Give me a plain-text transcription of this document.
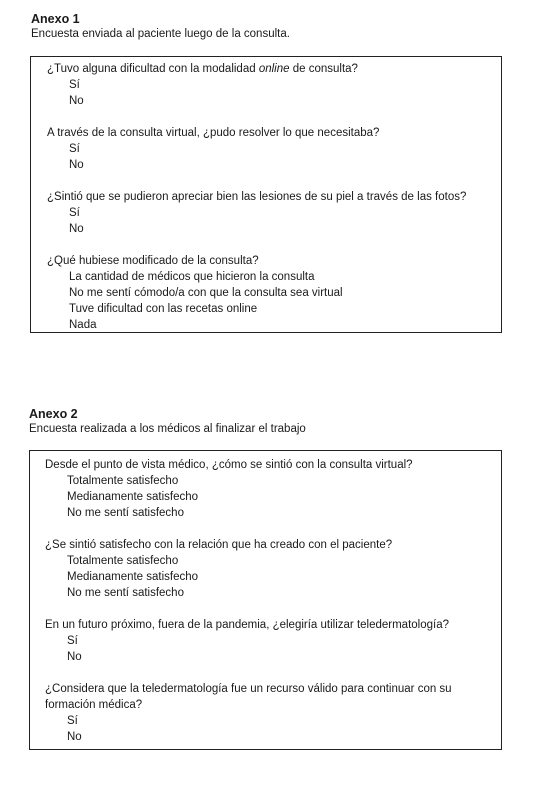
Anexo 1
Encuesta enviada al paciente luego de la consulta.
¿Tuvo alguna dificultad con la modalidad online de consulta?
Sí
No
A través de la consulta virtual, ¿pudo resolver lo que necesitaba?
Sí
No
¿Sintió que se pudieron apreciar bien las lesiones de su piel a través de las fotos?
Sí
No
¿Qué hubiese modificado de la consulta?
La cantidad de médicos que hicieron la consulta
No me sentí cómodo/a con que la consulta sea virtual
Tuve dificultad con las recetas online
Nada
Anexo 2
Encuesta realizada a los médicos al finalizar el trabajo
Desde el punto de vista médico, ¿cómo se sintió con la consulta virtual?
Totalmente satisfecho
Medianamente satisfecho
No me sentí satisfecho
¿Se sintió satisfecho con la relación que ha creado con el paciente?
Totalmente satisfecho
Medianamente satisfecho
No me sentí satisfecho
En un futuro próximo, fuera de la pandemia, ¿elegiría utilizar teledermatología?
Sí
No
¿Considera que la teledermatología fue un recurso válido para continuar con su formación médica?
Sí
No
